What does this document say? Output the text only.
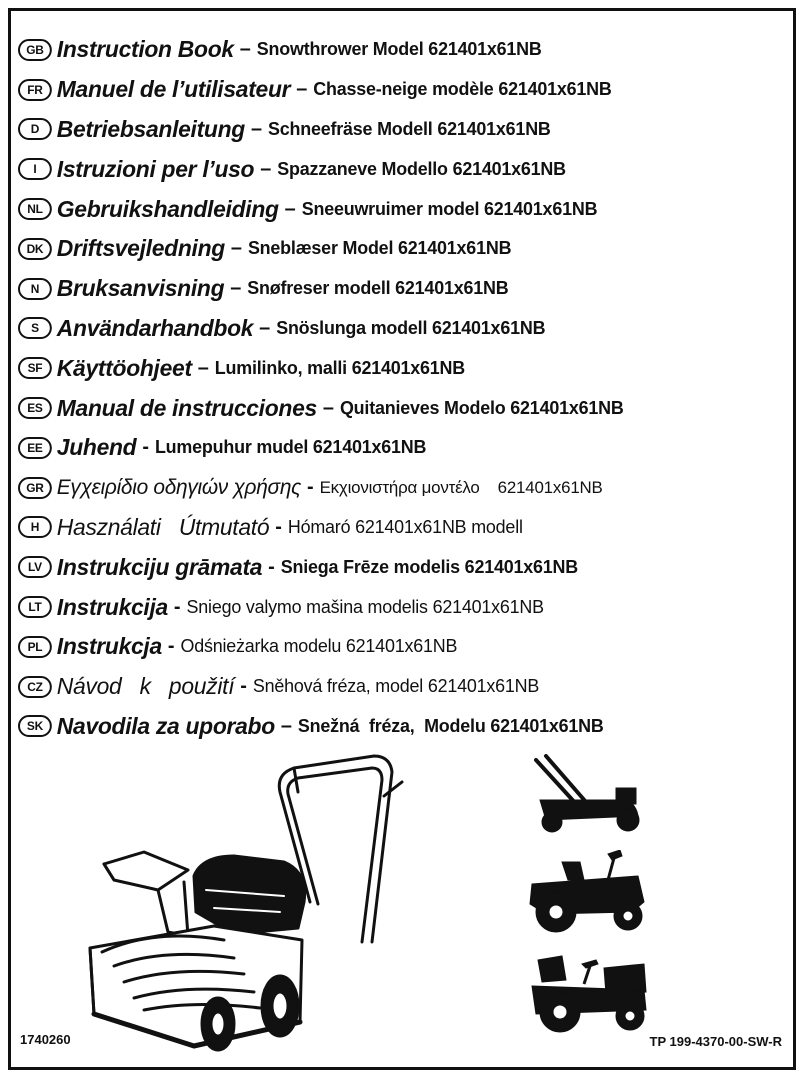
GB Instruction Book – Snowthrower Model 621401x61NB
FR Manuel de l’utilisateur – Chasse-neige modèle 621401x61NB
D Betriebsanleitung – Schneefräse Modell 621401x61NB
I Istruzioni per l’uso – Spazzaneve Modello 621401x61NB
NL Gebruikshandleiding – Sneeuwruimer model 621401x61NB
DK Driftsvejledning – Sneblæser Model 621401x61NB
N Bruksanvisning – Snøfreser modell 621401x61NB
S Användarhandbok – Snöslunga modell 621401x61NB
SF Käyttöohjeet – Lumilinko, malli 621401x61NB
ES Manual de instrucciones – Quitanieves Modelo 621401x61NB
EE Juhend - Lumepuhur mudel 621401x61NB
GR Εγχειρίδιο οδηγιών χρήσης - Εκχιονιστήρα μοντέλο    621401x61NB
H Használati   Útmutató - Hómaró 621401x61NB modell
LV Instrukciju grāmata - Sniega Frēze modelis 621401x61NB
LT Instrukcija - Sniego valymo mašina modelis 621401x61NB
PL Instrukcja - Odśnieżarka modelu 621401x61NB
CZ Návod   k   použití - Sněhová fréza, model 621401x61NB
SK Navodila za uporabo – Snežná  fréza,  Modelu 621401x61NB
1740260	TP 199-4370-00-SW-R
